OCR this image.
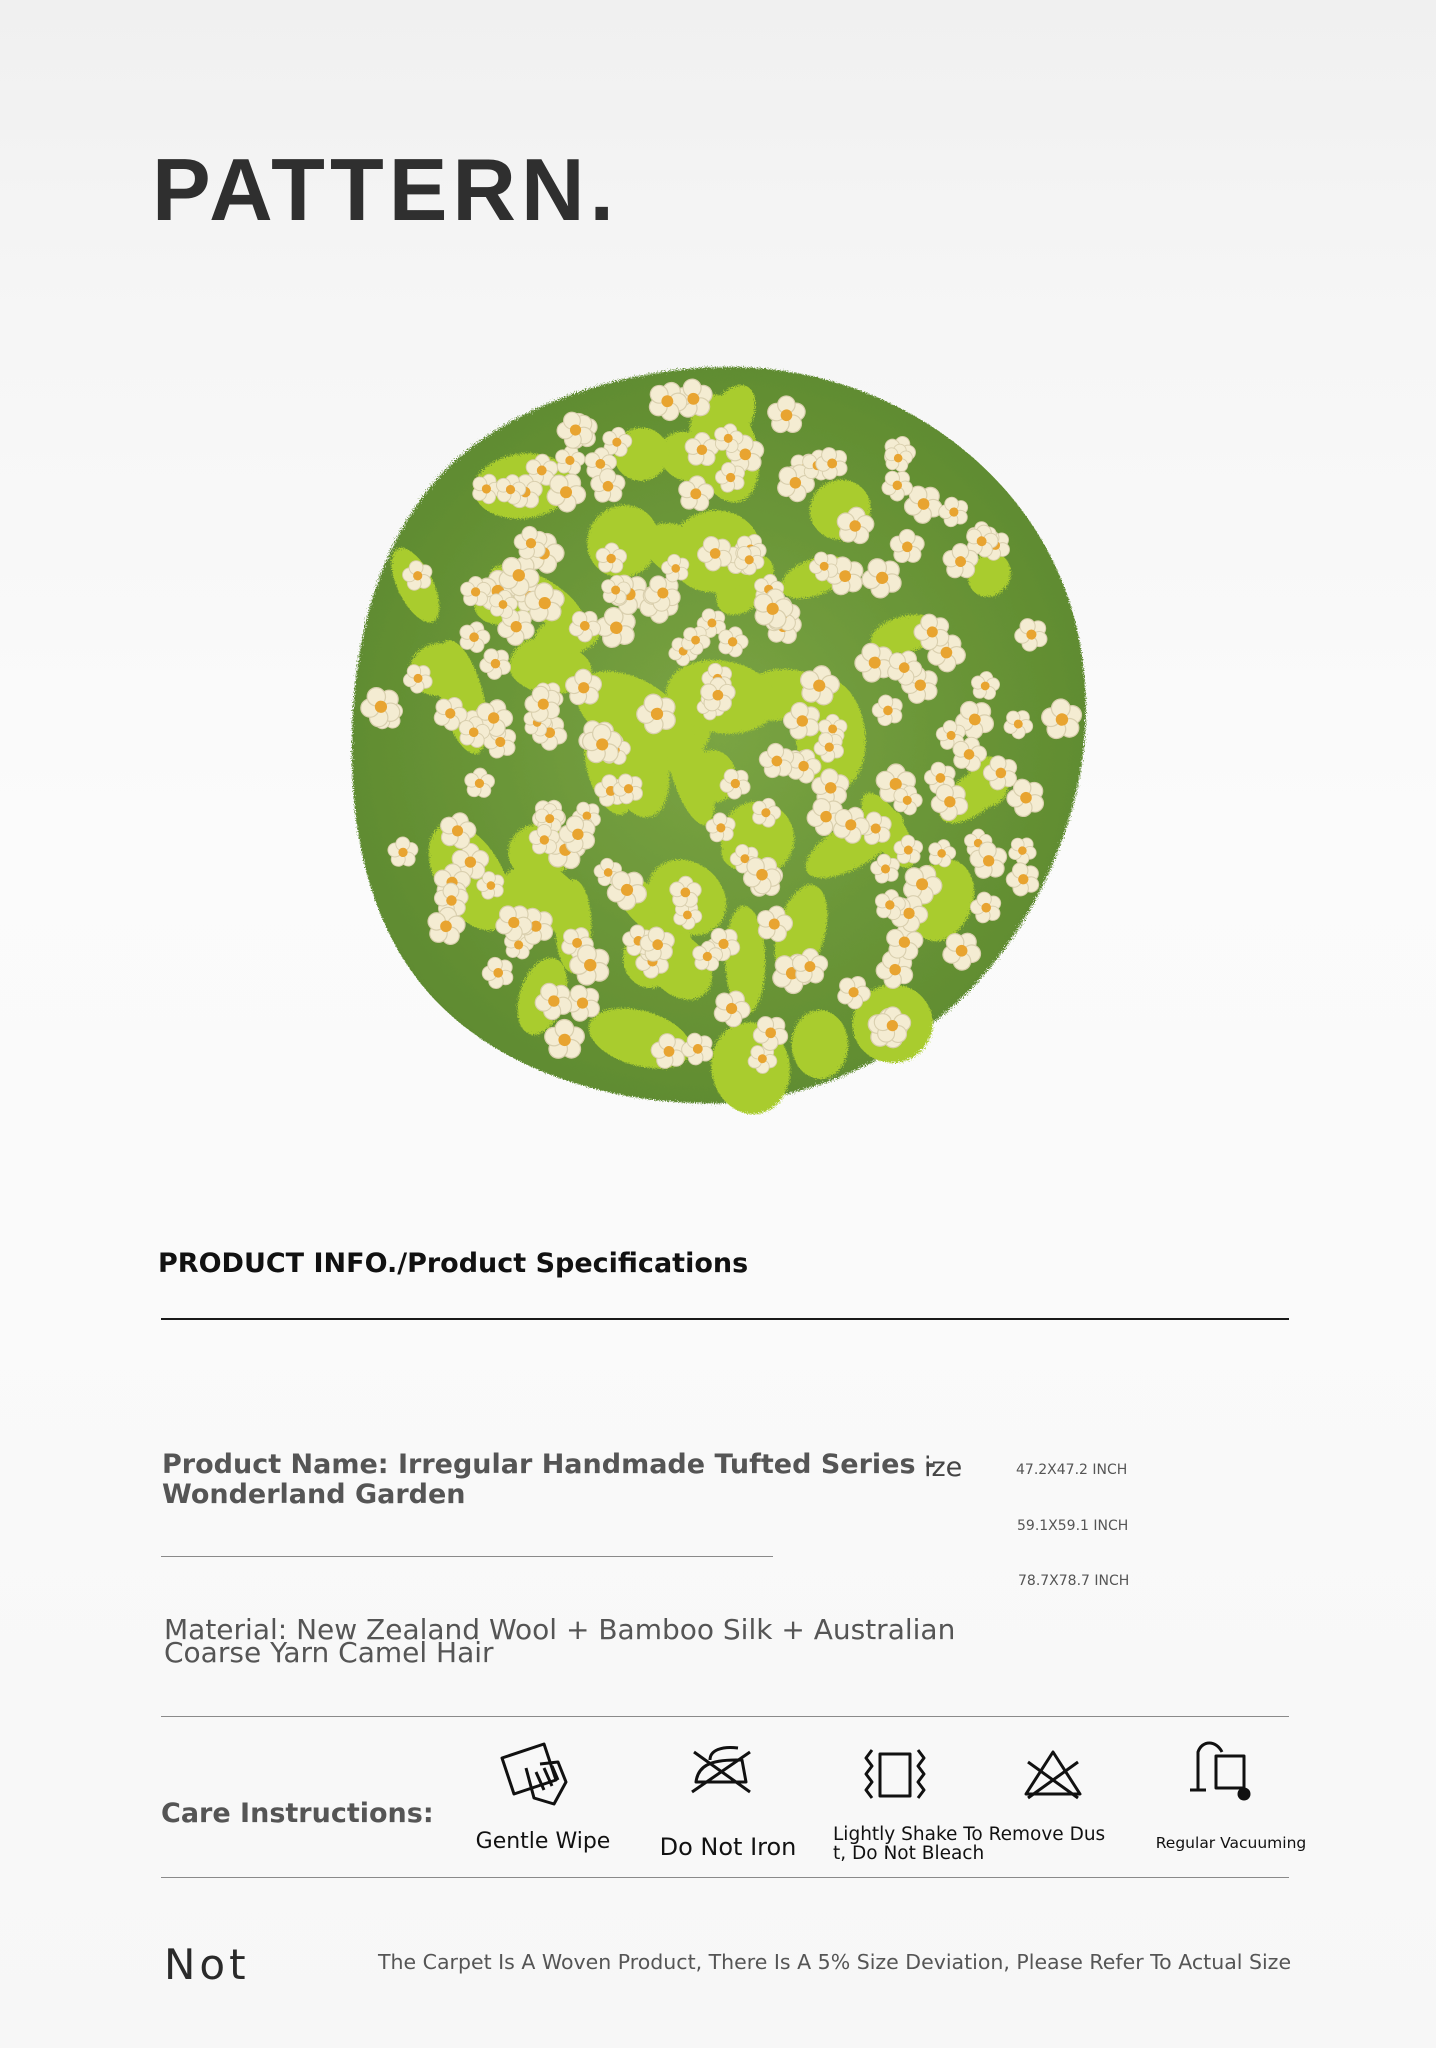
PATTERN.
PRODUCT INFO./Product Specifications
Product Name: Irregular Handmade Tufted Series - Wonderland Garden
ize	47.2X47.2 INCH
59.1X59.1 INCH
78.7X78.7 INCH
Material: New Zealand Wool + Bamboo Silk + Australian Coarse Yarn Camel Hair
Care Instructions:
Gentle Wipe	Do Not Iron	Lightly Shake To Remove Dust, Do Not Bleach	Regular Vacuuming
Not	The Carpet Is A Woven Product, There Is A 5% Size Deviation, Please Refer To Actual Size
